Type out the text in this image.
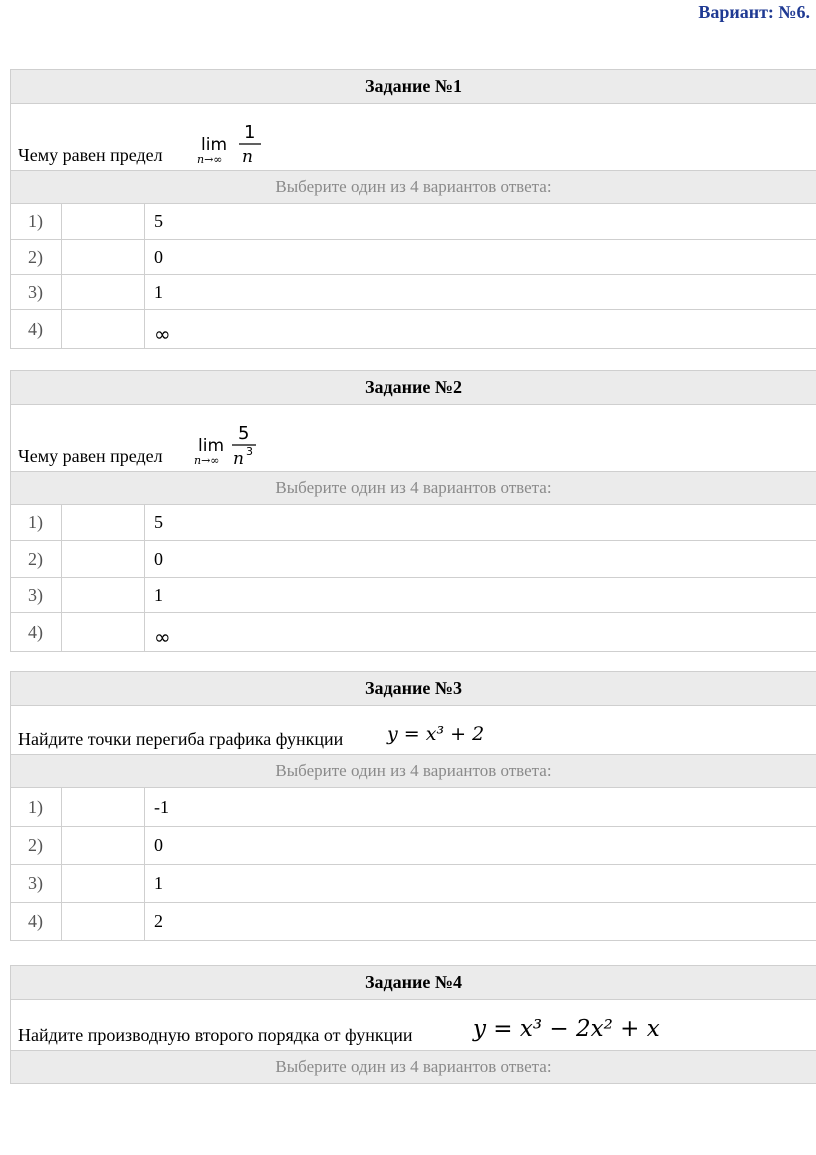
Вариант: №6.
Задание №1
Чему равен предел lim
n→∞
1
n
Выберите один из 4 вариантов ответа:
1)	5
2)	0
3)	1
4)	∞
Задание №2
Чему равен предел lim
n→∞
5
n 3
Выберите один из 4 вариантов ответа:
1)	5
2)	0
3)	1
4)	∞
Задание №3
Найдите точки перегиба графика функции y = x³ + 2
Выберите один из 4 вариантов ответа:
1)	-1
2)	0
3)	1
4)	2
Задание №4
Найдите производную второго порядка от функции	y = x³ − 2x² + x
Выберите один из 4 вариантов ответа:
